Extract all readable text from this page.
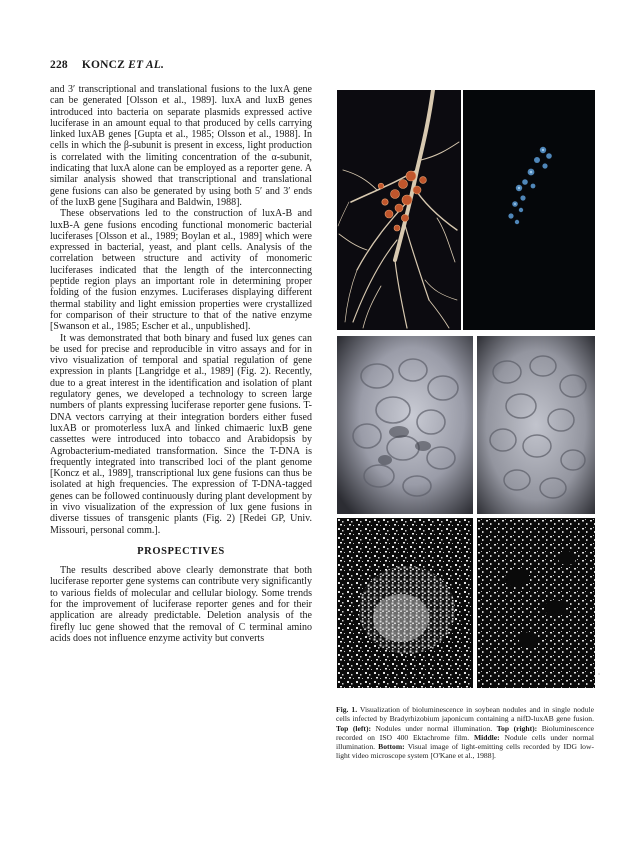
228 KONCZ ET AL.

and 3′ transcriptional and translational fusions to the luxA gene can be generated [Olsson et al., 1989]. luxA and luxB genes introduced into bacteria on separate plasmids expressed active luciferase in an amount equal to that produced by cells carrying linked luxAB genes [Gupta et al., 1985; Olsson et al., 1988]. In cells in which the β-subunit is present in excess, light production is correlated with the limiting concentration of the α-subunit, indicating that luxA alone can be employed as a reporter gene. A similar analysis showed that transcriptional and translational gene fusions can also be generated by using both 5′ and 3′ ends of the luxB gene [Sugihara and Baldwin, 1988].

These observations led to the construction of luxA-B and luxB-A gene fusions encoding functional monomeric bacterial luciferases [Olsson et al., 1989; Boylan et al., 1989] which were expressed in bacterial, yeast, and plant cells. Analysis of the correlation between structure and activity of monomeric luciferases indicated that the length of the interconnecting peptide region plays an important role in determining proper folding of the fusion enzymes. Luciferases displaying different thermal stability and light emission properties were crystallized for comparison of their structure to that of the native enzyme [Swanson et al., 1985; Escher et al., unpublished].

It was demonstrated that both binary and fused lux genes can be used for precise and reproducible in vitro assays and for in vivo visualization of temporal and spatial regulation of gene expression in plants [Langridge et al., 1989] (Fig. 2). Recently, due to a great interest in the identification and isolation of plant regulatory genes, we developed a technology to screen large numbers of plants expressing luciferase reporter gene fusions. T-DNA vectors carrying at their integration borders either fused luxAB or promoterless luxA and linked chimaeric luxB gene cassettes were introduced into tobacco and Arabidopsis by Agrobacterium-mediated transformation. Since the T-DNA is frequently integrated into transcribed loci of the plant genome [Koncz et al., 1989], transcriptional lux gene fusions can thus be isolated at high frequencies. The expression of T-DNA-tagged genes can be followed continuously during plant development by in vivo visualization of the expression of lux gene fusions in diverse tissues of transgenic plants (Fig. 2) [Redei GP, Univ. Missouri, personal comm.].

PROSPECTIVES

The results described above clearly demonstrate that both luciferase reporter gene systems can contribute very significantly to various fields of molecular and cellular biology. Some trends for the improvement of luciferase reporter genes and for their application are already predictable. Deletion analysis of the firefly luc gene showed that the removal of C terminal amino acids does not influence enzyme activity but converts

▫
Fig. 1. Visualization of bioluminescence in soybean nodules and in single nodule cells infected by Bradyrhizobium japonicum containing a nifD-luxAB gene fusion. Top (left): Nodules under normal illumination. Top (right): Bioluminescence recorded on ISO 400 Ektachrome film. Middle: Nodule cells under normal illumination. Bottom: Visual image of light-emitting cells recorded by IDG low-light video microscope system [O'Kane et al., 1988].
